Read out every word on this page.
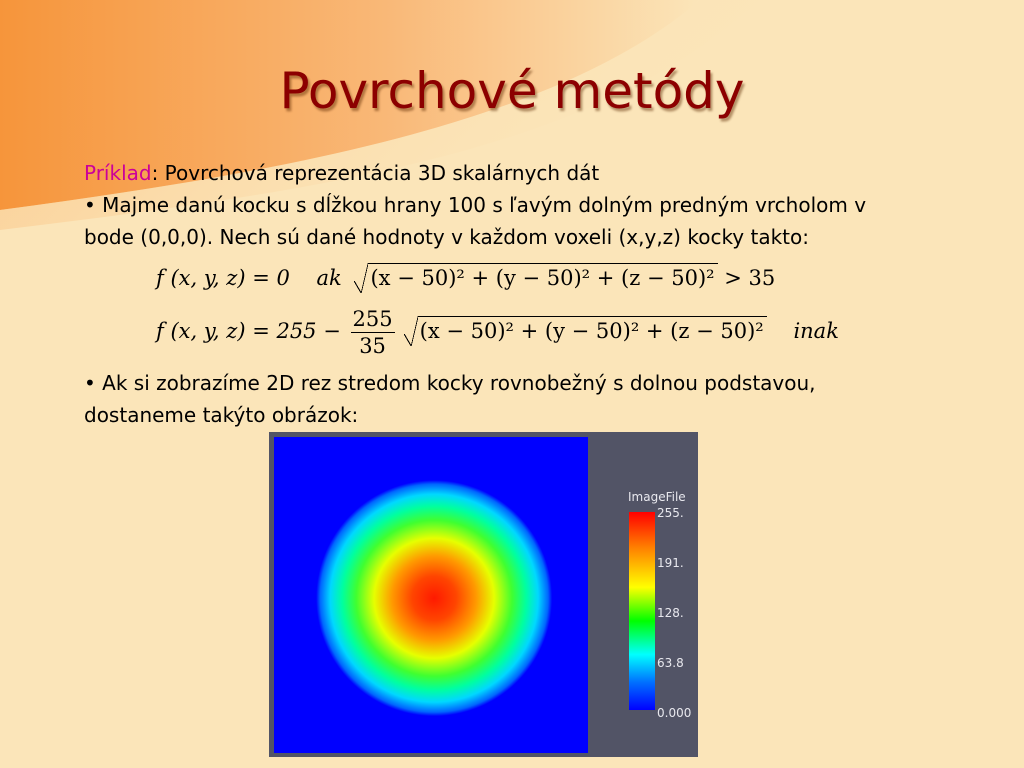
Povrchové metódy
Príklad: Povrchová reprezentácia 3D skalárnych dát
• Majme danú kocku s dĺžkou hrany 100 s ľavým dolným predným vrcholom v
bode (0,0,0). Nech sú dané hodnoty v každom voxeli (x,y,z) kocky takto:
f (x, y, z) = 0 ak (x − 50)² + (y − 50)² + (z − 50)² > 35
f (x, y, $z) = 255 - \frac{255}{35} (x - 50)^2 + (y - 50)^2 + (z - 50)^2$ inak
• Ak si zobrazíme 2D rez stredom kocky rovnobežný s dolnou podstavou,
dostaneme takýto obrázok:
ImageFile
255.
191.
128.
63.8
0.000
